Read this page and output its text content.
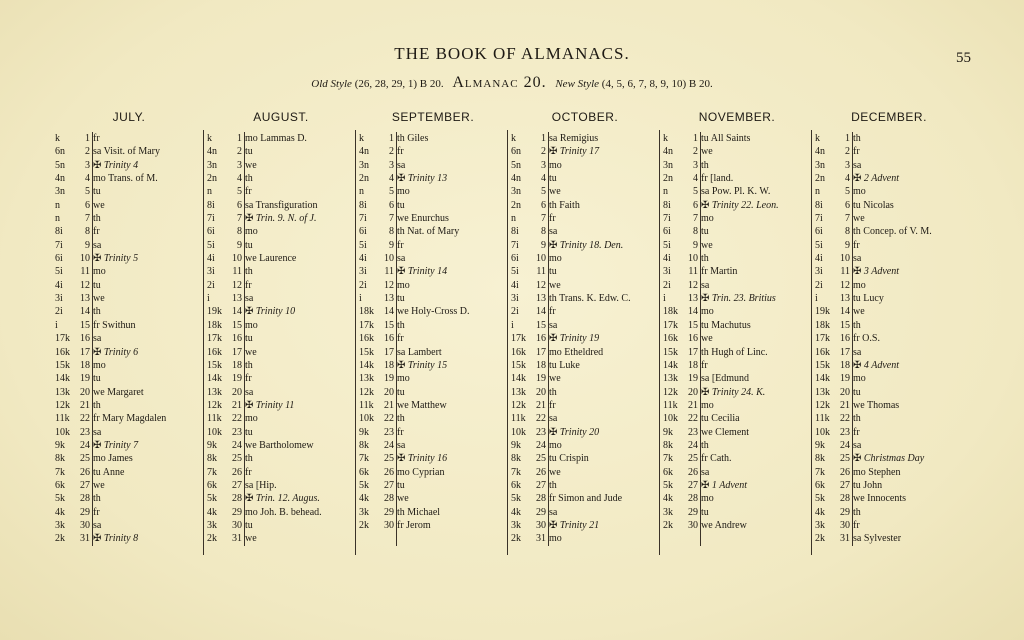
THE BOOK OF ALMANACS.	55
Old Style (26, 28, 29, 1) B 20. Almanac 20. New Style (4, 5, 6, 7, 8, 9, 10) B 20.
JULY.
k	1 fr
6n	2 sa Visit. of Mary
5n	3 ✠ Trinity 4
4n	4 mo Trans. of M.
3n	5 tu
n	6 we
n	7 th
8i	8 fr
7i	9 sa
6i	10 ✠ Trinity 5
5i	11 mo
4i	12 tu
3i	13 we
2i	14 th
i	15 fr Swithun
17k	16 sa
16k	17 ✠ Trinity 6
15k	18 mo
14k	19 tu
13k	20 we Margaret
12k	21 th
11k	22 fr Mary Magdalen
10k	23 sa
9k	24 ✠ Trinity 7
8k	25 mo James
7k	26 tu Anne
6k	27 we
5k	28 th
4k	29 fr
3k	30 sa
2k	31 ✠ Trinity 8
AUGUST.
k	1 mo Lammas D.
4n	2 tu
3n	3 we
2n	4 th
n	5 fr
8i	6 sa Transfiguration
7i	7 ✠ Trin. 9. N. of J.
6i	8 mo
5i	9 tu
4i	10 we Laurence
3i	11 th
2i	12 fr
i	13 sa
19k	14 ✠ Trinity 10
18k	15 mo
17k	16 tu
16k	17 we
15k	18 th
14k	19 fr
13k	20 sa
12k	21 ✠ Trinity 11
11k	22 mo
10k	23 tu
9k	24 we Bartholomew
8k	25 th
7k	26 fr
6k	27 sa [Hip.
5k	28 ✠ Trin. 12. Augus.
4k	29 mo Joh. B. behead.
3k	30 tu
2k	31 we
SEPTEMBER.
k	1 th Giles
4n	2 fr
3n	3 sa
2n	4 ✠ Trinity 13
n	5 mo
8i	6 tu
7i	7 we Enurchus
6i	8 th Nat. of Mary
5i	9 fr
4i	10 sa
3i	11 ✠ Trinity 14
2i	12 mo
i	13 tu
18k	14 we Holy-Cross D.
17k	15 th
16k	16 fr
15k	17 sa Lambert
14k	18 ✠ Trinity 15
13k	19 mo
12k	20 tu
11k	21 we Matthew
10k	22 th
9k	23 fr
8k	24 sa
7k	25 ✠ Trinity 16
6k	26 mo Cyprian
5k	27 tu
4k	28 we
3k	29 th Michael
2k	30 fr Jerom
OCTOBER.
k	1 sa Remigius
6n	2 ✠ Trinity 17
5n	3 mo
4n	4 tu
3n	5 we
2n	6 th Faith
n	7 fr
8i	8 sa
7i	9 ✠ Trinity 18. Den.
6i	10 mo
5i	11 tu
4i	12 we
3i	13 th Trans. K. Edw. C.
2i	14 fr
i	15 sa
17k	16 ✠ Trinity 19
16k	17 mo Etheldred
15k	18 tu Luke
14k	19 we
13k	20 th
12k	21 fr
11k	22 sa
10k	23 ✠ Trinity 20
9k	24 mo
8k	25 tu Crispin
7k	26 we
6k	27 th
5k	28 fr Simon and Jude
4k	29 sa
3k	30 ✠ Trinity 21
2k	31 mo
NOVEMBER.
k	1 tu All Saints
4n	2 we
3n	3 th
2n	4 fr [land.
n	5 sa Pow. Pl. K. W.
8i	6 ✠ Trinity 22. Leon.
7i	7 mo
6i	8 tu
5i	9 we
4i	10 th
3i	11 fr Martin
2i	12 sa
i	13 ✠ Trin. 23. Britius
18k	14 mo
17k	15 tu Machutus
16k	16 we
15k	17 th Hugh of Linc.
14k	18 fr
13k	19 sa [Edmund
12k	20 ✠ Trinity 24. K.
11k	21 mo
10k	22 tu Cecilia
9k	23 we Clement
8k	24 th
7k	25 fr Cath.
6k	26 sa
5k	27 ✠ 1 Advent
4k	28 mo
3k	29 tu
2k	30 we Andrew
DECEMBER.
k	1 th
4n	2 fr
3n	3 sa
2n	4 ✠ 2 Advent
n	5 mo
8i	6 tu Nicolas
7i	7 we
6i	8 th Concep. of V. M.
5i	9 fr
4i	10 sa
3i	11 ✠ 3 Advent
2i	12 mo
i	13 tu Lucy
19k	14 we
18k	15 th
17k	16 fr O.S.
16k	17 sa
15k	18 ✠ 4 Advent
14k	19 mo
13k	20 tu
12k	21 we Thomas
11k	22 th
10k	23 fr
9k	24 sa
8k	25 ✠ Christmas Day
7k	26 mo Stephen
6k	27 tu John
5k	28 we Innocents
4k	29 th
3k	30 fr
2k	31 sa Sylvester
